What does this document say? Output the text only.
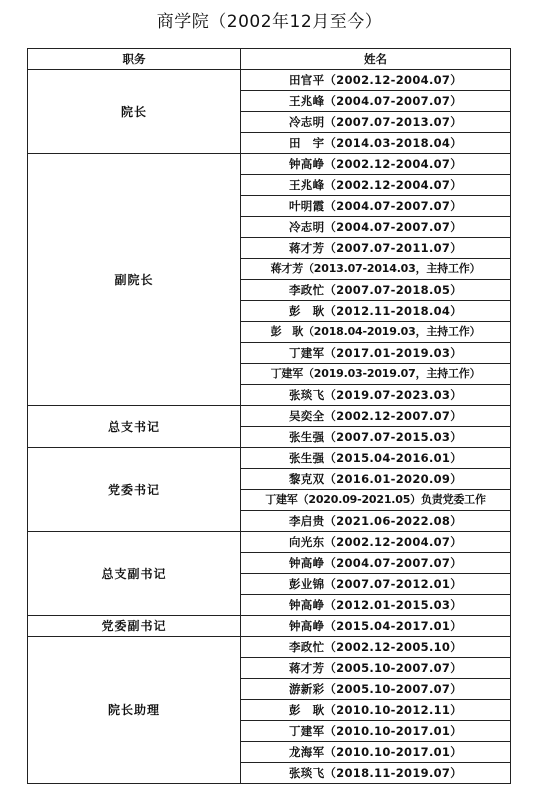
商学院（2002年12月至今）
职务	姓名
院长	田官平（2002.12-2004.07）
	王兆峰（2004.07-2007.07）
	冷志明（2007.07-2013.07）
	田　宇（2014.03-2018.04）
副院长	钟高峥（2002.12-2004.07）
	王兆峰（2002.12-2004.07）
	叶明霞（2004.07-2007.07）
	冷志明（2004.07-2007.07）
	蒋才芳（2007.07-2011.07）
	蒋才芳（2013.07-2014.03，主持工作）
	李政忙（2007.07-2018.05）
	彭　耿（2012.11-2018.04）
	彭　耿（2018.04-2019.03，主持工作）
	丁建军（2017.01-2019.03）
	丁建军（2019.03-2019.07，主持工作）
	张琰飞（2019.07-2023.03）
总支书记	吴奕全（2002.12-2007.07）
	张生强（2007.07-2015.03）
党委书记	张生强（2015.04-2016.01）
	黎克双（2016.01-2020.09）
	丁建军（2020.09-2021.05）负责党委工作
	李启贵（2021.06-2022.08）
总支副书记	向光东（2002.12-2004.07）
	钟高峥（2004.07-2007.07）
	彭业锦（2007.07-2012.01）
	钟高峥（2012.01-2015.03）
党委副书记	钟高峥（2015.04-2017.01）
院长助理	李政忙（2002.12-2005.10）
	蒋才芳（2005.10-2007.07）
	游新彩（2005.10-2007.07）
	彭　耿（2010.10-2012.11）
	丁建军（2010.10-2017.01）
	龙海军（2010.10-2017.01）
	张琰飞（2018.11-2019.07）
